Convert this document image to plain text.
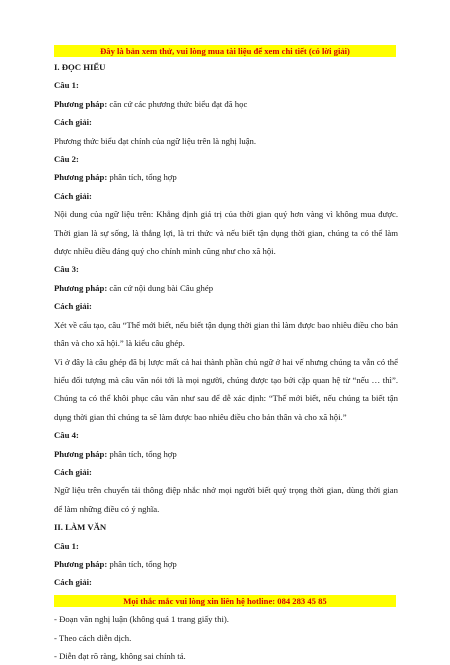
Đây là bản xem thử, vui lòng mua tài liệu để xem chi tiết (có lời giải)

I. ĐỌC HIỂU

Câu 1:

Phương pháp: căn cứ các phương thức biểu đạt đã học

Cách giải:

Phương thức biểu đạt chính của ngữ liệu trên là nghị luận.

Câu 2:

Phương pháp: phân tích, tổng hợp

Cách giải:

Nội dung của ngữ liệu trên: Khẳng định giá trị của thời gian quý hơn vàng vì không mua được. Thời gian là sự sống, là thắng lợi, là tri thức và nếu biết tận dụng thời gian, chúng ta có thể làm được nhiều điều đáng quý cho chính mình cũng như cho xã hội.

Câu 3:

Phương pháp: căn cứ nội dung bài Câu ghép

Cách giải:

Xét về cấu tạo, câu “Thế mới biết, nếu biết tận dụng thời gian thì làm được bao nhiêu điều cho bản thân và cho xã hội.” là kiểu câu ghép.

Vì ở đây là câu ghép đã bị lược mất cả hai thành phần chủ ngữ ở hai vế nhưng chúng ta vẫn có thể hiểu đối tượng mà câu văn nói tới là mọi người, chúng được tạo bởi cặp quan hệ từ “nếu … thì”. Chúng ta có thể khôi phục câu văn như sau để dễ xác định: “Thế mới biết, nếu chúng ta biết tận dụng thời gian thì chúng ta sẽ làm được bao nhiêu điều cho bản thân và cho xã hội.”

Câu 4:

Phương pháp: phân tích, tổng hợp

Cách giải:

Ngữ liệu trên chuyển tải thông điệp nhắc nhở mọi người biết quý trọng thời gian, dùng thời gian để làm những điều có ý nghĩa.

II. LÀM VĂN

Câu 1:

Phương pháp: phân tích, tổng hợp

Cách giải:

- Đoạn văn nghị luận (không quá 1 trang giấy thi).

- Theo cách diễn dịch.

- Diễn đạt rõ ràng, không sai chính tả.

Mọi thắc mắc vui lòng xin liên hệ hotline: 084 283 45 85
